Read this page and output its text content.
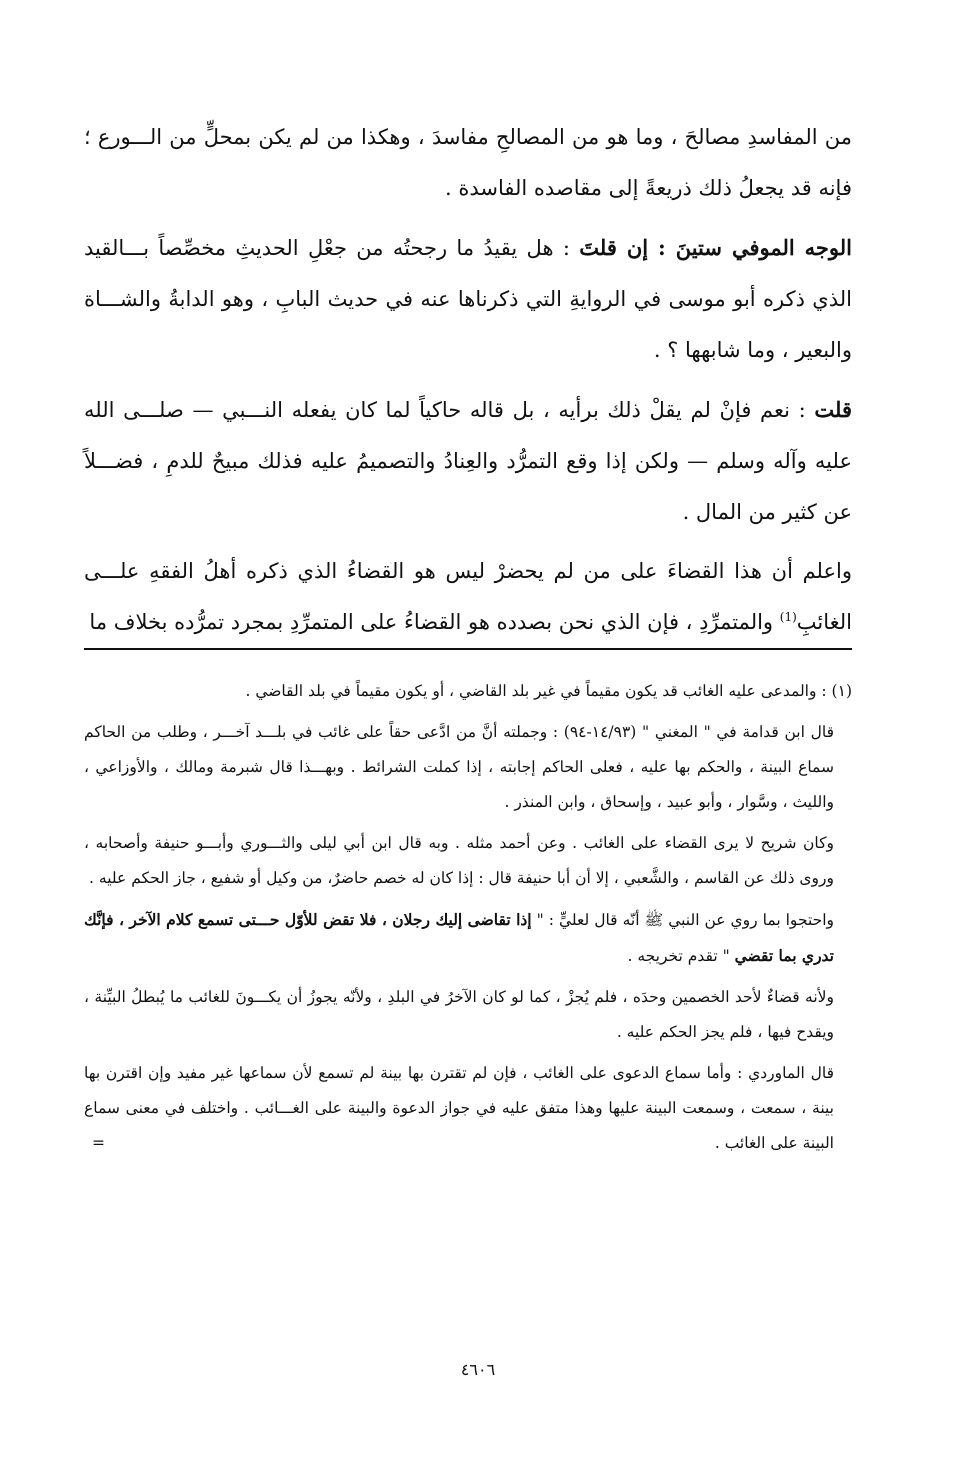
من المفاسدِ مصالحَ ، وما هو من المصالحِ مفاسدَ ، وهكذا من لم يكن بمحلٍّ من الـــورع ؛ فإنه قد يجعلُ ذلك ذريعةً إلى مقاصده الفاسدة .

الوجه الموفي ستينَ : إن قلتَ : هل يقيدُ ما رجحتُه من جعْلِ الحديثِ مخصِّصاً بـــالقيد الذي ذكره أبو موسى في الروايةِ التي ذكرناها عنه في حديث البابِ ، وهو الدابةُ والشـــاة والبعير ، وما شابهها ؟ .

قلت : نعم فإنْ لم يقلْ ذلك برأيه ، بل قاله حاكياً لما كان يفعله النـــبي — صلـــى الله عليه وآله وسلم — ولكن إذا وقع التمرُّد والعِنادُ والتصميمُ عليه فذلك مبيحٌ للدمِ ، فضـــلاً عن كثير من المال .

واعلم أن هذا القضاءَ على من لم يحضرْ ليس هو القضاءُ الذي ذكره أهلُ الفقهِ علـــى الغائبِ$^{(1)}$ والمتمرِّدِ ، فإن الذي نحن بصدده هو القضاءُ على المتمرِّدِ بمجرد تمرُّده بخلاف ما

(١) : والمدعى عليه الغائب قد يكون مقيماً في غير بلد القاضي ، أو يكون مقيماً في بلد القاضي .

قال ابن قدامة في " المغني " (١٤/٩٣-٩٤) : وجملته أنَّ من ادَّعى حقاً على غائب في بلـــد آخـــر ، وطلب من الحاكم سماع البينة ، والحكم بها عليه ، فعلى الحاكم إجابته ، إذا كملت الشرائط . وبهـــذا قال شبرمة ومالك ، والأوزاعي ، والليث ، وسَّوار ، وأبو عبيد ، وإسحاق ، وابن المنذر .

وكان شريح لا يرى القضاء على الغائب . وعن أحمد مثله . وبه قال ابن أبي ليلى والثـــوري وأبـــو حنيفة وأصحابه ، وروى ذلك عن القاسم ، والشَّعبي ، إلا أن أبا حنيفة قال : إذا كان له خصم حاضرٌ، من وكيل أو شفيع ، جاز الحكم عليه .

واحتجوا بما روي عن النبي ﷺ أنّه قال لعليٍّ : " إذا تقاضى إليك رجلان ، فلا تقض للأوّل حـــتى تسمع كلام الآخر ، فإنَّك تدري بما تقضي " تقدم تخريجه .

ولأنه قضاءٌ لأحد الخصمين وحدَه ، فلم يُجزْ ، كما لو كان الآخرُ في البلدِ ، ولأنّه يجوزُ أن يكـــونَ للغائب ما يُبطلُ البيِّنة ، ويقدح فيها ، فلم يجز الحكم عليه .

قال الماوردي : وأما سماع الدعوى على الغائب ، فإن لم تقترن بها بينة لم تسمع لأن سماعها غير مفيد وإن اقترن بها بينة ، سمعت ، وسمعت البينة عليها وهذا متفق عليه في جواز الدعوة والبينة على الغـــائب . واختلف في معنى سماع البينة على الغائب .
=

٤٦٠٦
